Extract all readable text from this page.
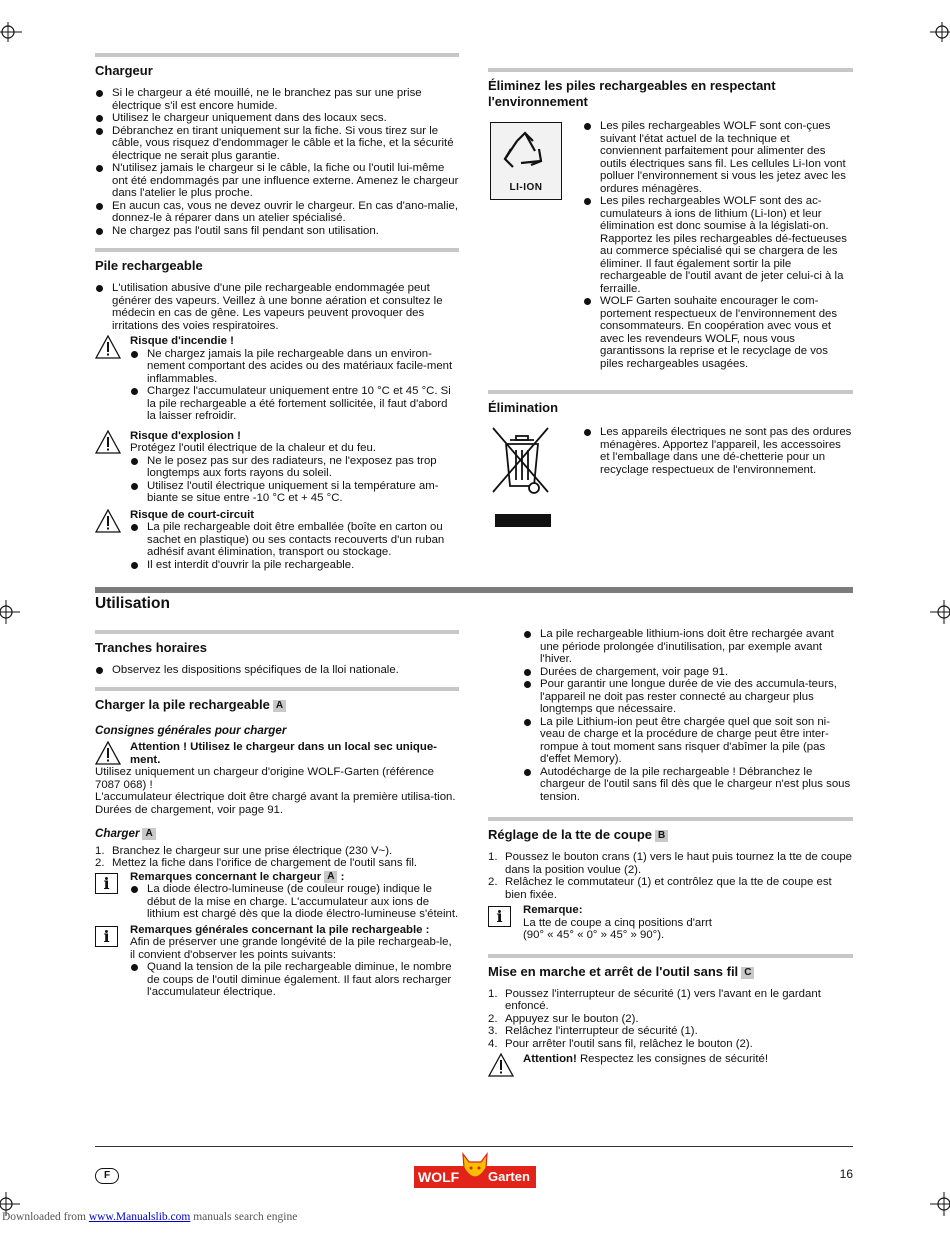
Chargeur
Si le chargeur a été mouillé, ne le branchez pas sur une prise électrique s'il est encore humide.
Utilisez le chargeur uniquement dans des locaux secs.
Débranchez en tirant uniquement sur la fiche. Si vous tirez sur le câble, vous risquez d'endommager le câble et la fiche, et la sécurité électrique ne serait plus garantie.
N'utilisez jamais le chargeur si le câble, la fiche ou l'outil lui-même ont été endommagés par une influence externe. Amenez le chargeur dans l'atelier le plus proche.
En aucun cas, vous ne devez ouvrir le chargeur. En cas d'ano-malie, donnez-le à réparer dans un atelier spécialisé.
Ne chargez pas l'outil sans fil pendant son utilisation.
Pile rechargeable
L'utilisation abusive d'une pile rechargeable endommagée peut générer des vapeurs. Veillez à une bonne aération et consultez le médecin en cas de gêne. Les vapeurs peuvent provoquer des irritations des voies respiratoires.
Risque d'incendie !
Ne chargez jamais la pile rechargeable dans un environ-nement comportant des acides ou des matériaux facile-ment inflammables.
Chargez l'accumulateur uniquement entre 10 °C et 45 °C. Si la pile rechargeable a été fortement sollicitée, il faut d'abord la laisser refroidir.
Risque d'explosion !

Protégez l'outil électrique de la chaleur et du feu.

Ne le posez pas sur des radiateurs, ne l'exposez pas trop longtemps aux forts rayons du soleil.
Utilisez l'outil électrique uniquement si la température am-biante se situe entre -10 °C et + 45 °C.
Risque de court-circuit
La pile rechargeable doit être emballée (boîte en carton ou sachet en plastique) ou ses contacts recouverts d'un ruban adhésif avant élimination, transport ou stockage.
Il est interdit d'ouvrir la pile rechargeable.
Éliminez les piles rechargeables en respectant l'environnement
LI-ION
Les piles rechargeables WOLF sont con-çues suivant l'état actuel de la technique et conviennent parfaitement pour alimenter des outils électriques sans fil. Les cellules Li-Ion vont polluer l'environnement si vous les jetez avec les ordures ménagères.
Les piles rechargeables WOLF sont des ac-cumulateurs à ions de lithium (Li-Ion) et leur élimination est donc soumise à la législati-on. Rapportez les piles rechargeables dé-fectueuses au commerce spécialisé qui se chargera de les éliminer. Il faut également sortir la pile rechargeable de l'outil avant de jeter celui-ci à la ferraille.
WOLF Garten souhaite encourager le com-portement respectueux de l'environnement des consommateurs. En coopération avec vous et avec les revendeurs WOLF, nous vous garantissons la reprise et le recyclage de vos piles rechargeables usagées.
Élimination
Les appareils électriques ne sont pas des ordures ménagères. Apportez l'appareil, les accessoires et l'emballage dans une dé-chetterie pour un recyclage respectueux de l'environnement.
Utilisation
Tranches horaires
Observez les dispositions spécifiques de la lloi nationale.
Charger la pile rechargeable A
Consignes générales pour charger
Attention ! Utilisez le chargeur dans un local sec unique-ment.

Utilisez uniquement un chargeur d'origine WOLF-Garten (référence 7087 068) !

L'accumulateur électrique doit être chargé avant la première utilisa-tion.

Durées de chargement, voir page 91.

Charger A
1. Branchez le chargeur sur une prise électrique (230 V~).
2. Mettez la fiche dans l'orifice de chargement de l'outil sans fil.
i	Remarques concernant le chargeur A :
La diode électro-lumineuse (de couleur rouge) indique le début de la mise en charge. L'accumulateur aux ions de lithium est chargé dès que la diode électro-lumineuse s'éteint.
i	Remarques générales concernant la pile rechargeable :

Afin de préserver une grande longévité de la pile rechargeab-le, il convient d'observer les points suivants:

Quand la tension de la pile rechargeable diminue, le nombre de coups de l'outil diminue également. Il faut alors recharger l'accumulateur électrique.
La pile rechargeable lithium-ions doit être rechargée avant une période prolongée d'inutilisation, par exemple avant l'hiver.
Durées de chargement, voir page 91.
Pour garantir une longue durée de vie des accumula-teurs, l'appareil ne doit pas rester connecté au chargeur plus longtemps que nécessaire.
La pile Lithium-ion peut être chargée quel que soit son ni-veau de charge et la procédure de charge peut être inter-rompue à tout moment sans risquer d'abîmer la pile (pas d'effet Memory).
Autodécharge de la pile rechargeable ! Débranchez le chargeur de l'outil sans fil dès que le chargeur n'est plus sous tension.
Réglage de la tte de coupe B
1. Poussez le bouton crans (1) vers le haut puis tournez la tte de coupe dans la position voulue (2).
2. Relâchez le commutateur (1) et contrôlez que la tte de coupe est bien fixée.
i	Remarque:

La tte de coupe a cinq positions d'arrt

(90° « 45° « 0° » 45° » 90°).

Mise en marche et arrêt de l'outil sans fil C
1. Poussez l'interrupteur de sécurité (1) vers l'avant en le gardant enfoncé.
2. Appuyez sur le bouton (2).
3. Relâchez l'interrupteur de sécurité (1).
4. Pour arrêter l'outil sans fil, relâchez le bouton (2).
Attention! Respectez les consignes de sécurité!
F	WOLF Garten	16
Downloaded from www.Manualslib.com manuals search engine
